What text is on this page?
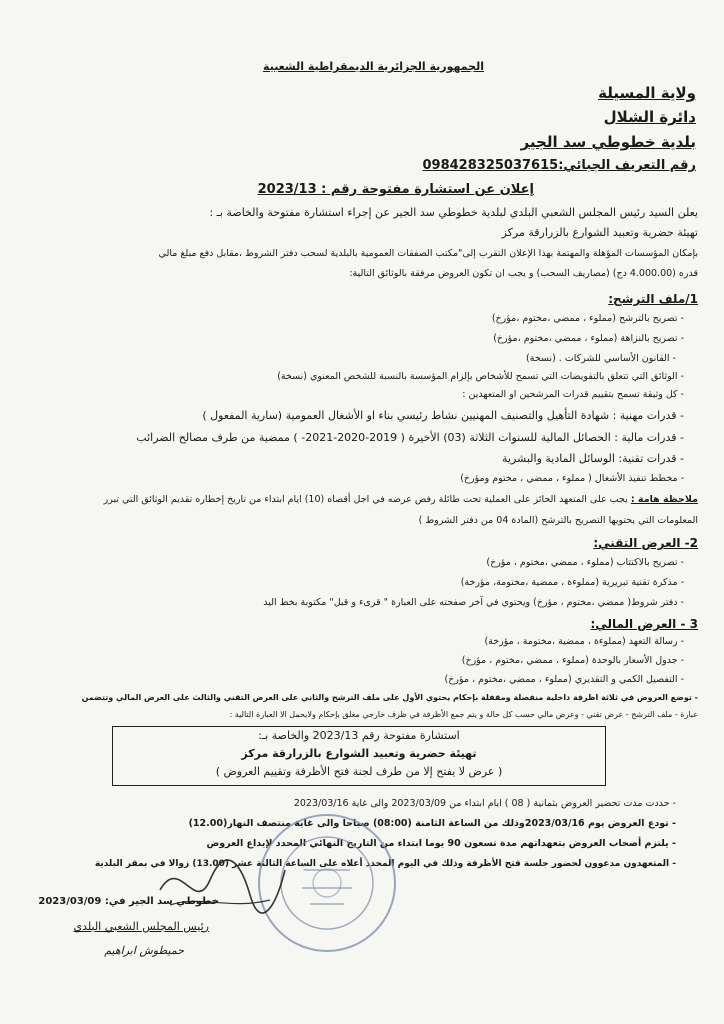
الجمهورية الجزائرية الديمقراطية الشعبية

ولاية المسيلة

دائرة الشلال

بلدية خطوطي سد الجير

رقم التعريف الجبائي:098428325037615

إعلان عن استشارة مفتوحة رقم : 2023/13

يعلن السيد رئيس المجلس الشعبي البلدي لبلدية خطوطي سد الجير عن إجراء استشارة مفتوحة والخاصة بـ :

تهيئة حضرية وتعبيد الشوارع بالزرارقة مركز

بإمكان المؤسسات المؤهلة والمهتمة بهذا الإعلان التقرب إلى"مكتب الصفقات العمومية بالبلدية لسحب دفتر الشروط ،مقابل دفع مبلغ مالي

قدره (4.000.00 دج) (مصاريف السحب) و يجب ان تكون العروض مرفقة بالوثائق التالية:

1/ملف الترشح:

- تصريح بالترشح (مملوء ، ممضي ،مختوم ،مؤرخ)

- تصريح بالنزاهة (مملوء ، ممضي ،مختوم ،مؤرخ)

- القانون الأساسي للشركات . (نسخة)

- الوثائق التي تتعلق بالتفويضات التي تسمح للأشخاص بإلزام المؤسسة بالنسبة للشخص المعنوي (نسخة)

- كل وثيقة تسمح بتقييم قدرات المرشحين او المتعهدين :

- قدرات مهنية : شهادة التأهيل والتصنيف المهنيين نشاط رئيسي بناء او الأشغال العمومية (سارية المفعول )

- قدرات مالية : الحصائل المالية للسنوات الثلاثة (03) الأخيرة ( 2019-2020-2021- ) ممضية من طرف مصالح الضرائب

- قدرات تقنية: الوسائل المادية والبشرية

- مخطط تنفيذ الأشغال ( مملوء ، ممضي ، مختوم ومؤرخ)

ملاحظة هامة : يجب على المتعهد الحائز على العملية تحت طائلة رفض عرضه في اجل أقصاه (10) ايام ابتداء من تاريخ إخطاره تقديم الوثائق التي تبرر

المعلومات التي يحتويها التصريح بالترشح (المادة 04 من دفتر الشروط )

2- العرض التقني:

- تصريح بالاكتتاب (مملوء ، ممضي ،مختوم ، مؤرخ)

- مذكرة تقنية تبريرية (مملوءة ، ممضية ،مختومة، مؤرخة)

- دفتر شروط( ممضي ،مختوم ، مؤرخ) ويحتوي في آخر صفحته على العبارة " قرىء و قبل" مكتوبة بخط اليد

3 - العرض المالي:

- رسالة التعهد (مملوءة ، ممضية ،مختومة ، مؤرخة)

- جدول الأسعار بالوحدة (مملوء ، ممضي ،مختوم ، مؤرخ)

- التفصيل الكمي و التقديري (مملوء ، ممضي ،مختوم ، مؤرخ)

- توضع العروض في ثلاثة اظرفة داخلية منفصلة ومقفلة بإحكام يحتوي الأول على ملف الترشح والثاني على العرض التقني والثالث على العرض المالي وتتضمن

عبارة - ملف الترشح - عرض تقني - وعرض مالي حسب كل حالة و يتم جمع الأظرفة في ظرف خارجي مغلق بإحكام ولايحمل الا العبارة التالية :

استشارة مفتوحة رقم 2023/13 والخاصة بـ:
تهيئة حضرية وتعبيد الشوارع بالزرارقة مركز
( عرض لا يفتح إلا من طرف لجنة فتح الأظرفة وتقييم العروض )

- حددت مدت تحضير العروض بثمانية ( 08 ) ايام ابتداء من 2023/03/09 والى غاية 2023/03/16

- تودع العروض يوم 2023/03/16وذلك من الساعة الثامنة (08:00) صباحا والى غاية منتصف النهار(12.00)

- يلتزم أصحاب العروض بتعهداتهم مدة تسعون 90 يوما ابتداء من التاريخ النهائي المحدد لإيداع العروض

- المتعهدون مدعوون لحضور جلسة فتح الأظرفة وذلك في اليوم المحدد أعلاه على الساعة الثالثة عشر (13.00) زوالا في بمقر البلدية

خطوطي سد الجير في: 2023/03/09

رئيس المجلس الشعبي البلدي

حميطوش ابراهيم
